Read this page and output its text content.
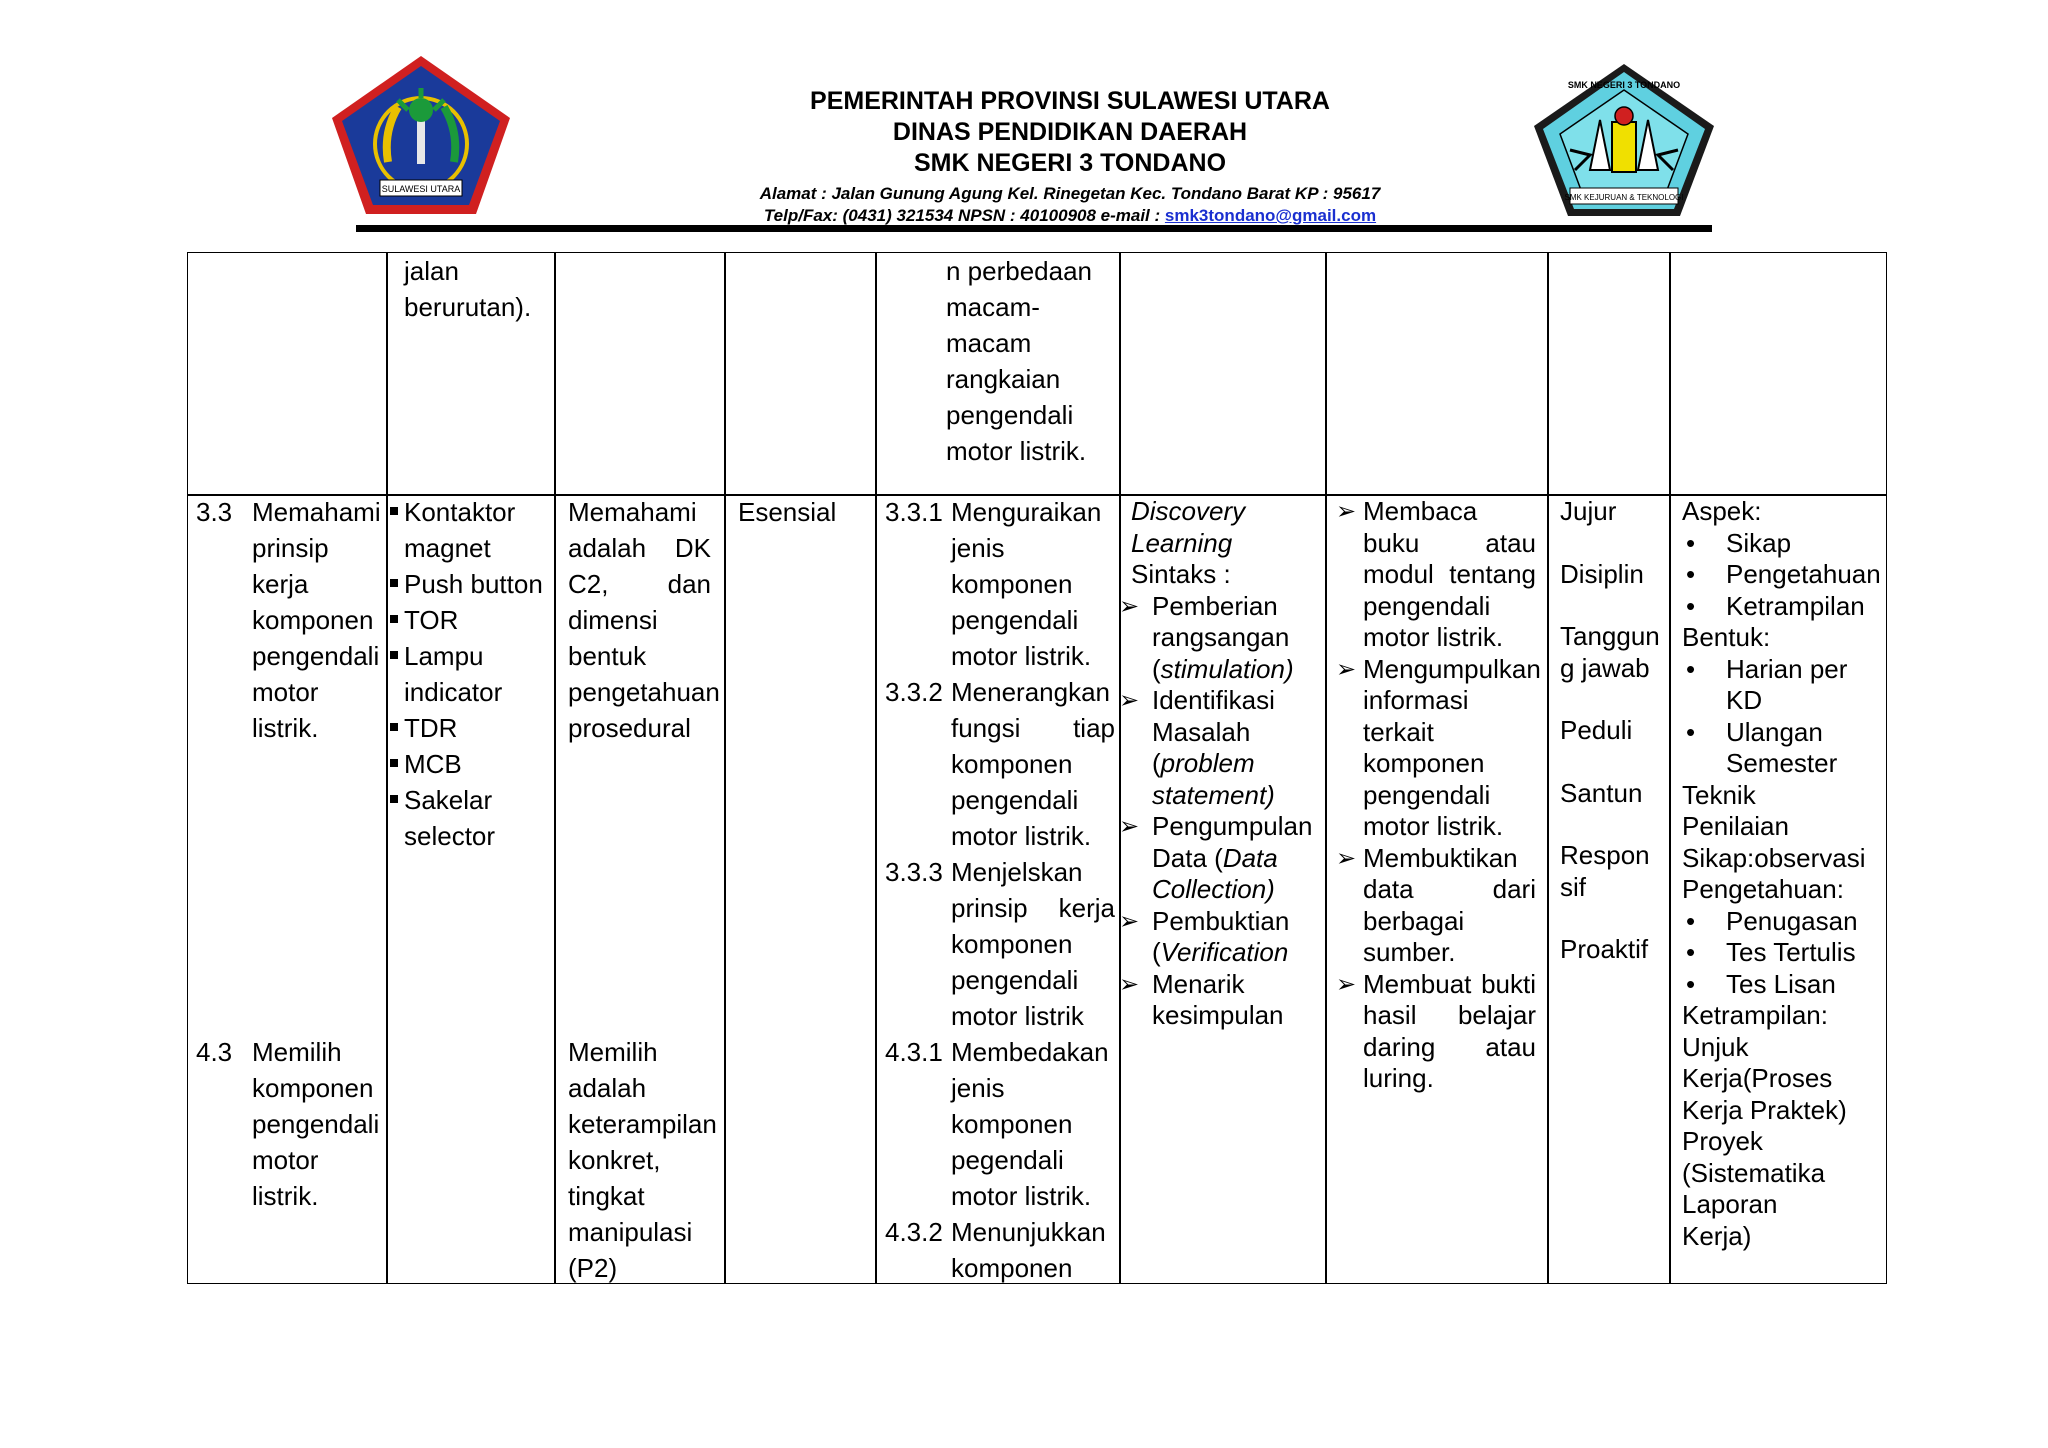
SULAWESI UTARA
PEMERINTAH PROVINSI SULAWESI UTARA
DINAS PENDIDIKAN DAERAH
SMK NEGERI 3 TONDANO
Alamat : Jalan Gunung Agung Kel. Rinegetan Kec. Tondano Barat KP : 95617
Telp/Fax: (0431) 321534 NPSN : 40100908 e-mail : smk3tondano@gmail.com
SMK NEGERI 3 TONDANO
SMK KEJURUAN & TEKNOLOGI
jalan berurutan).
n perbedaan macam-macam rangkaian pengendali motor listrik.
3.3 Memahami prinsip kerja komponen pengendali motor listrik.
4.3 Memilih komponen pengendali motor listrik.
Kontaktor magnet
Push button
TOR
Lampu indicator
TDR
MCB
Sakelar selector
Memahami adalah DK C2, dan dimensi bentuk pengetahuan prosedural
Memilih adalah keterampilan konkret, tingkat manipulasi (P2)
Esensial	3.3.1 Menguraikan jenis komponen pengendali motor listrik.
3.3.2 Menerangkan fungsi tiap komponen pengendali motor listrik.
3.3.3 Menjelskan prinsip kerja komponen pengendali motor listrik
4.3.1 Membedakan jenis komponen pegendali motor listrik.
4.3.2 Menunjukkan komponen
Discovery Learning
Sintaks :
➢ Pemberian rangsangan (stimulation)
➢ Identifikasi Masalah (problem statement)
➢ Pengumpulan Data (Data Collection)
➢ Pembuktian (Verification
➢ Menarik kesimpulan
➢ Membaca buku atau modul tentang pengendali motor listrik.
➢ Mengumpulkan informasi terkait komponen pengendali motor listrik.
➢ Membuktikan data dari berbagai sumber.
➢ Membuat bukti hasil belajar daring atau luring.
Jujur
Disiplin
Tanggung jawab
Peduli
Santun
Responsif
Proaktif
Aspek:
• Sikap
• Pengetahuan
• Ketrampilan
Bentuk:
• Harian per KD
• Ulangan Semester
Teknik Penilaian
Sikap:observasi
Pengetahuan:
• Penugasan
• Tes Tertulis
• Tes Lisan
Ketrampilan:
Unjuk Kerja(Proses Kerja Praktek)
Proyek (Sistematika Laporan Kerja)
